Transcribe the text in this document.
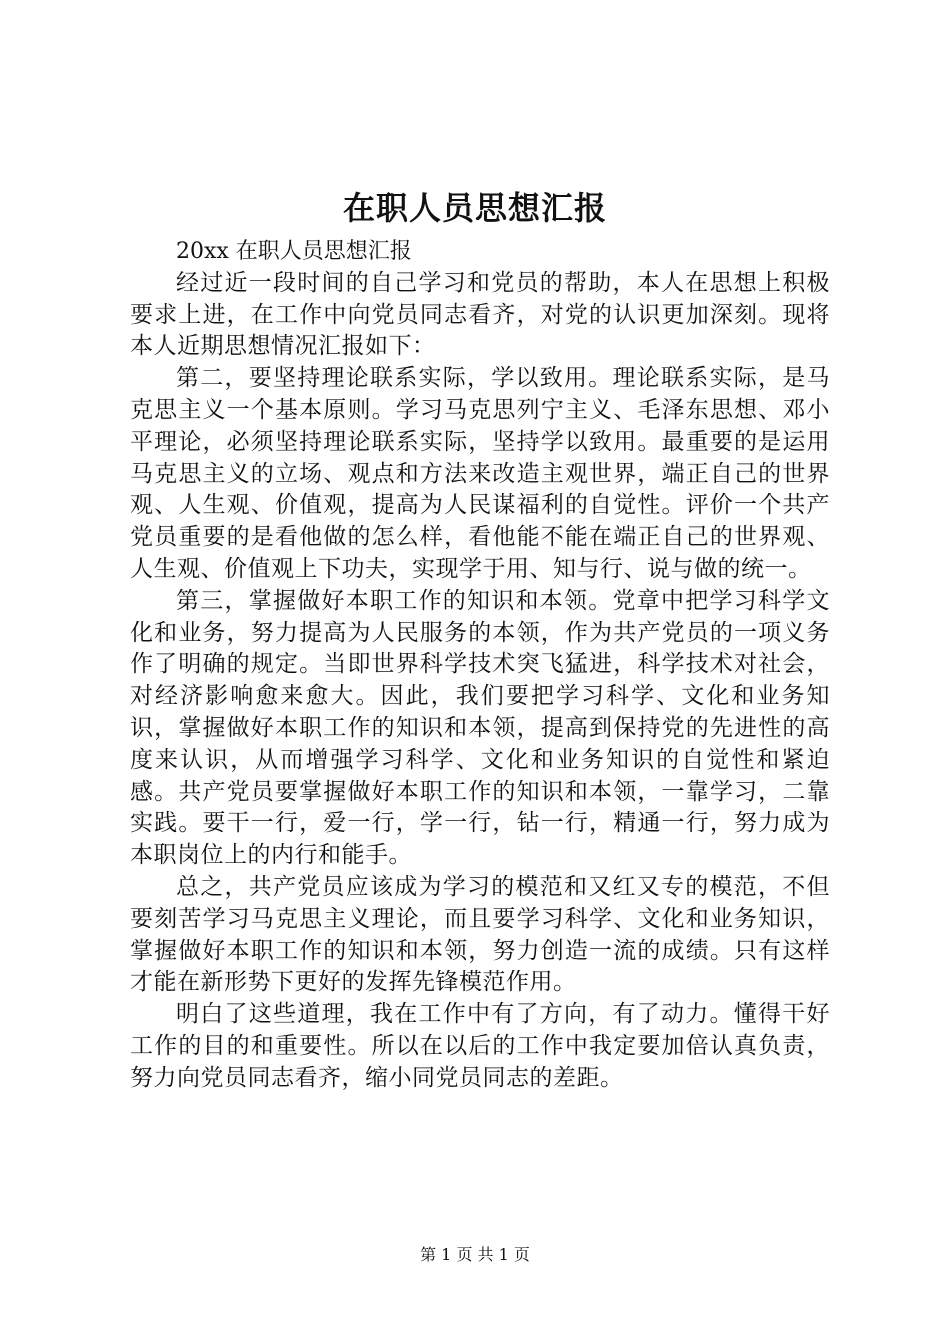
在职人员思想汇报

20xx 在职人员思想汇报

经过近一段时间的自己学习和党员的帮助，本人在思想上积极要求上进，在工作中向党员同志看齐，对党的认识更加深刻。现将本人近期思想情况汇报如下：

第二，要坚持理论联系实际，学以致用。理论联系实际，是马克思主义一个基本原则。学习马克思列宁主义、毛泽东思想、邓小平理论，必须坚持理论联系实际，坚持学以致用。最重要的是运用马克思主义的立场、观点和方法来改造主观世界，端正自己的世界观、人生观、价值观，提高为人民谋福利的自觉性。评价一个共产党员重要的是看他做的怎么样，看他能不能在端正自己的世界观、人生观、价值观上下功夫，实现学于用、知与行、说与做的统一。

第三，掌握做好本职工作的知识和本领。党章中把学习科学文化和业务，努力提高为人民服务的本领，作为共产党员的一项义务作了明确的规定。当即世界科学技术突飞猛进，科学技术对社会，对经济影响愈来愈大。因此，我们要把学习科学、文化和业务知识，掌握做好本职工作的知识和本领，提高到保持党的先进性的高度来认识，从而增强学习科学、文化和业务知识的自觉性和紧迫感。共产党员要掌握做好本职工作的知识和本领，一靠学习，二靠实践。要干一行，爱一行，学一行，钻一行，精通一行，努力成为本职岗位上的内行和能手。

总之，共产党员应该成为学习的模范和又红又专的模范，不但要刻苦学习马克思主义理论，而且要学习科学、文化和业务知识，掌握做好本职工作的知识和本领，努力创造一流的成绩。只有这样才能在新形势下更好的发挥先锋模范作用。

明白了这些道理，我在工作中有了方向，有了动力。懂得干好工作的目的和重要性。所以在以后的工作中我定要加倍认真负责，努力向党员同志看齐，缩小同党员同志的差距。

第 1 页 共 1 页
